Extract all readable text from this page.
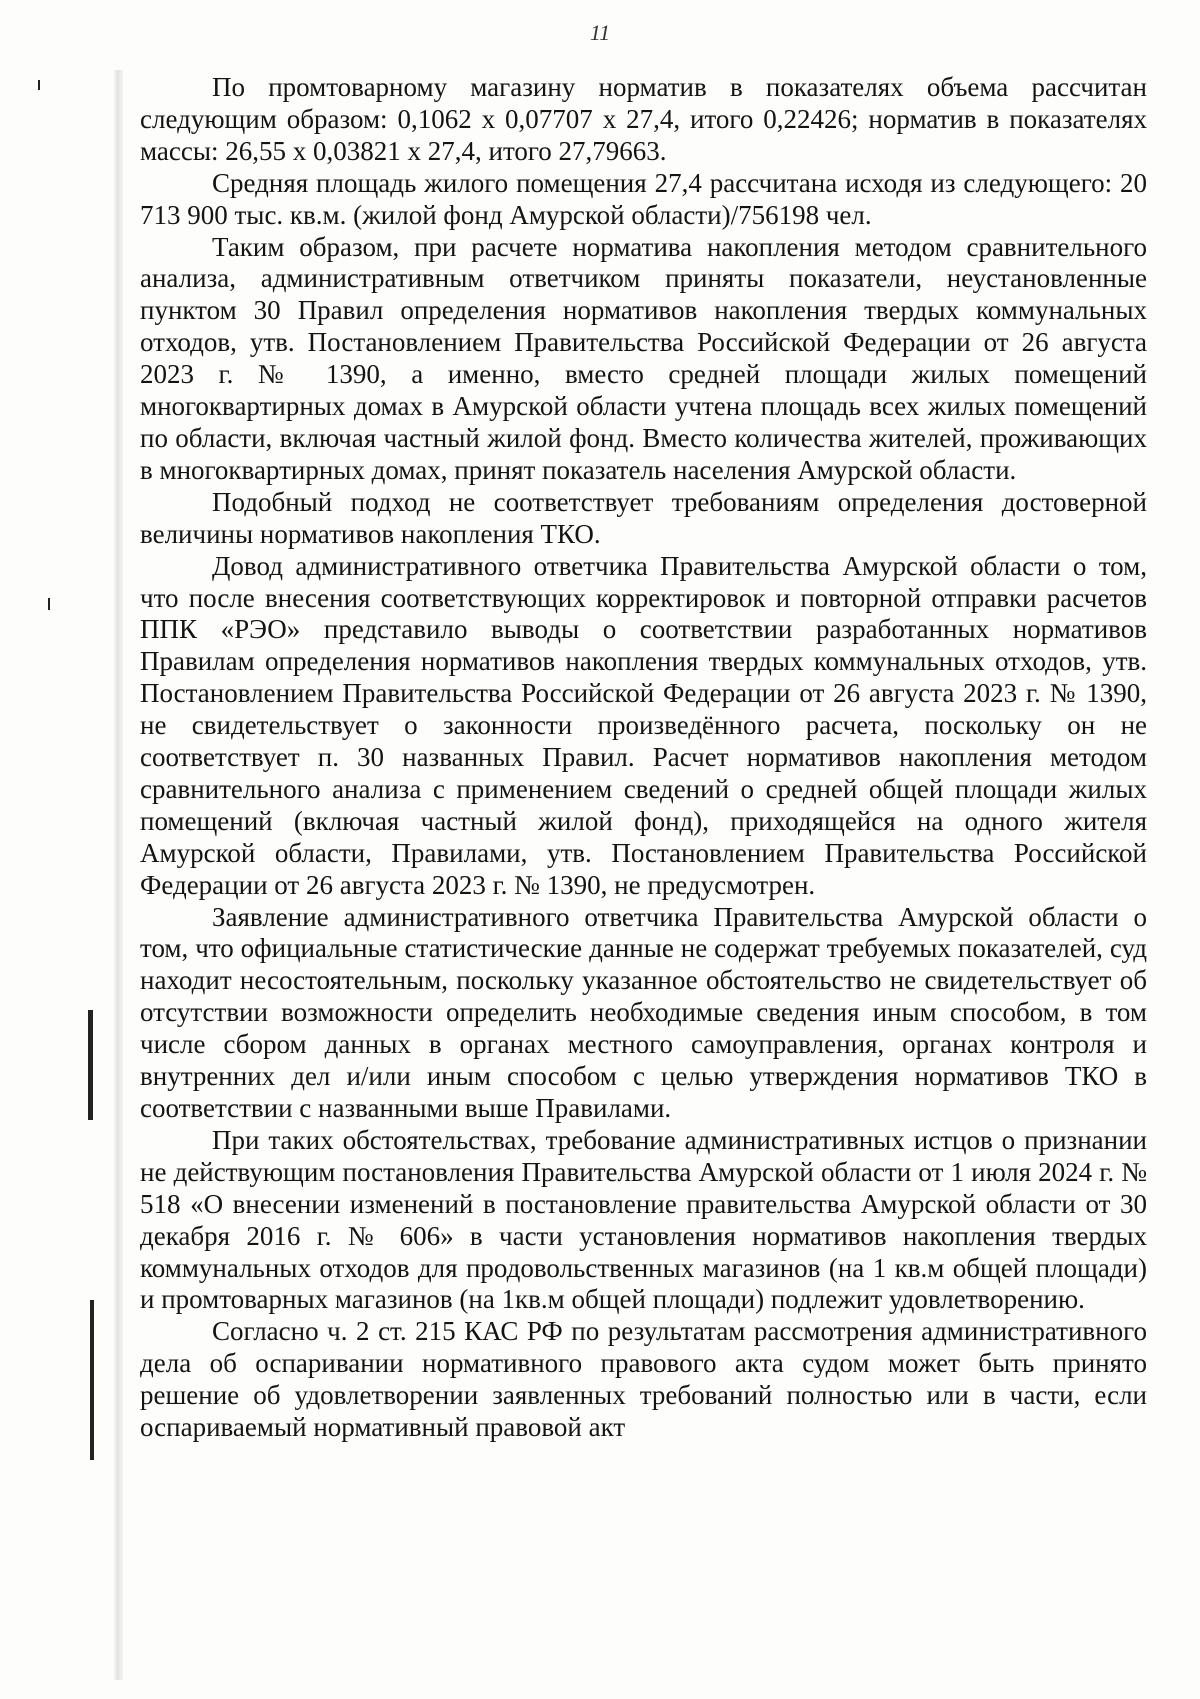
11

По промтоварному магазину норматив в показателях объема рассчитан следующим образом: 0,1062 x 0,07707 x 27,4, итого 0,22426; норматив в показателях массы: 26,55 x 0,03821 x 27,4, итого 27,79663.

Средняя площадь жилого помещения 27,4 рассчитана исходя из следующего: 20 713 900 тыс. кв.м. (жилой фонд Амурской области)/756198 чел.

Таким образом, при расчете норматива накопления методом сравнительного анализа, административным ответчиком приняты показатели, неустановленные пунктом 30 Правил определения нормативов накопления твердых коммунальных отходов, утв. Постановлением Правительства Российской Федерации от 26 августа 2023 г. № 1390, а именно, вместо средней площади жилых помещений многоквартирных домах в Амурской области учтена площадь всех жилых помещений по области, включая частный жилой фонд. Вместо количества жителей, проживающих в многоквартирных домах, принят показатель населения Амурской области.

Подобный подход не соответствует требованиям определения достоверной величины нормативов накопления ТКО.

Довод административного ответчика Правительства Амурской области о том, что после внесения соответствующих корректировок и повторной отправки расчетов ППК «РЭО» представило выводы о соответствии разработанных нормативов Правилам определения нормативов накопления твердых коммунальных отходов, утв. Постановлением Правительства Российской Федерации от 26 августа 2023 г. № 1390, не свидетельствует о законности произведённого расчета, поскольку он не соответствует п. 30 названных Правил. Расчет нормативов накопления методом сравнительного анализа с применением сведений о средней общей площади жилых помещений (включая частный жилой фонд), приходящейся на одного жителя Амурской области, Правилами, утв. Постановлением Правительства Российской Федерации от 26 августа 2023 г. № 1390, не предусмотрен.

Заявление административного ответчика Правительства Амурской области о том, что официальные статистические данные не содержат требуемых показателей, суд находит несостоятельным, поскольку указанное обстоятельство не свидетельствует об отсутствии возможности определить необходимые сведения иным способом, в том числе сбором данных в органах местного самоуправления, органах контроля и внутренних дел и/или иным способом с целью утверждения нормативов ТКО в соответствии с названными выше Правилами.

При таких обстоятельствах, требование административных истцов о признании не действующим постановления Правительства Амурской области от 1 июля 2024 г. № 518 «О внесении изменений в постановление правительства Амурской области от 30 декабря 2016 г. № 606» в части установления нормативов накопления твердых коммунальных отходов для продовольственных магазинов (на 1 кв.м общей площади) и промтоварных магазинов (на 1кв.м общей площади) подлежит удовлетворению.

Согласно ч. 2 ст. 215 КАС РФ по результатам рассмотрения административного дела об оспаривании нормативного правового акта судом может быть принято решение об удовлетворении заявленных требований полностью или в части, если оспариваемый нормативный правовой акт
